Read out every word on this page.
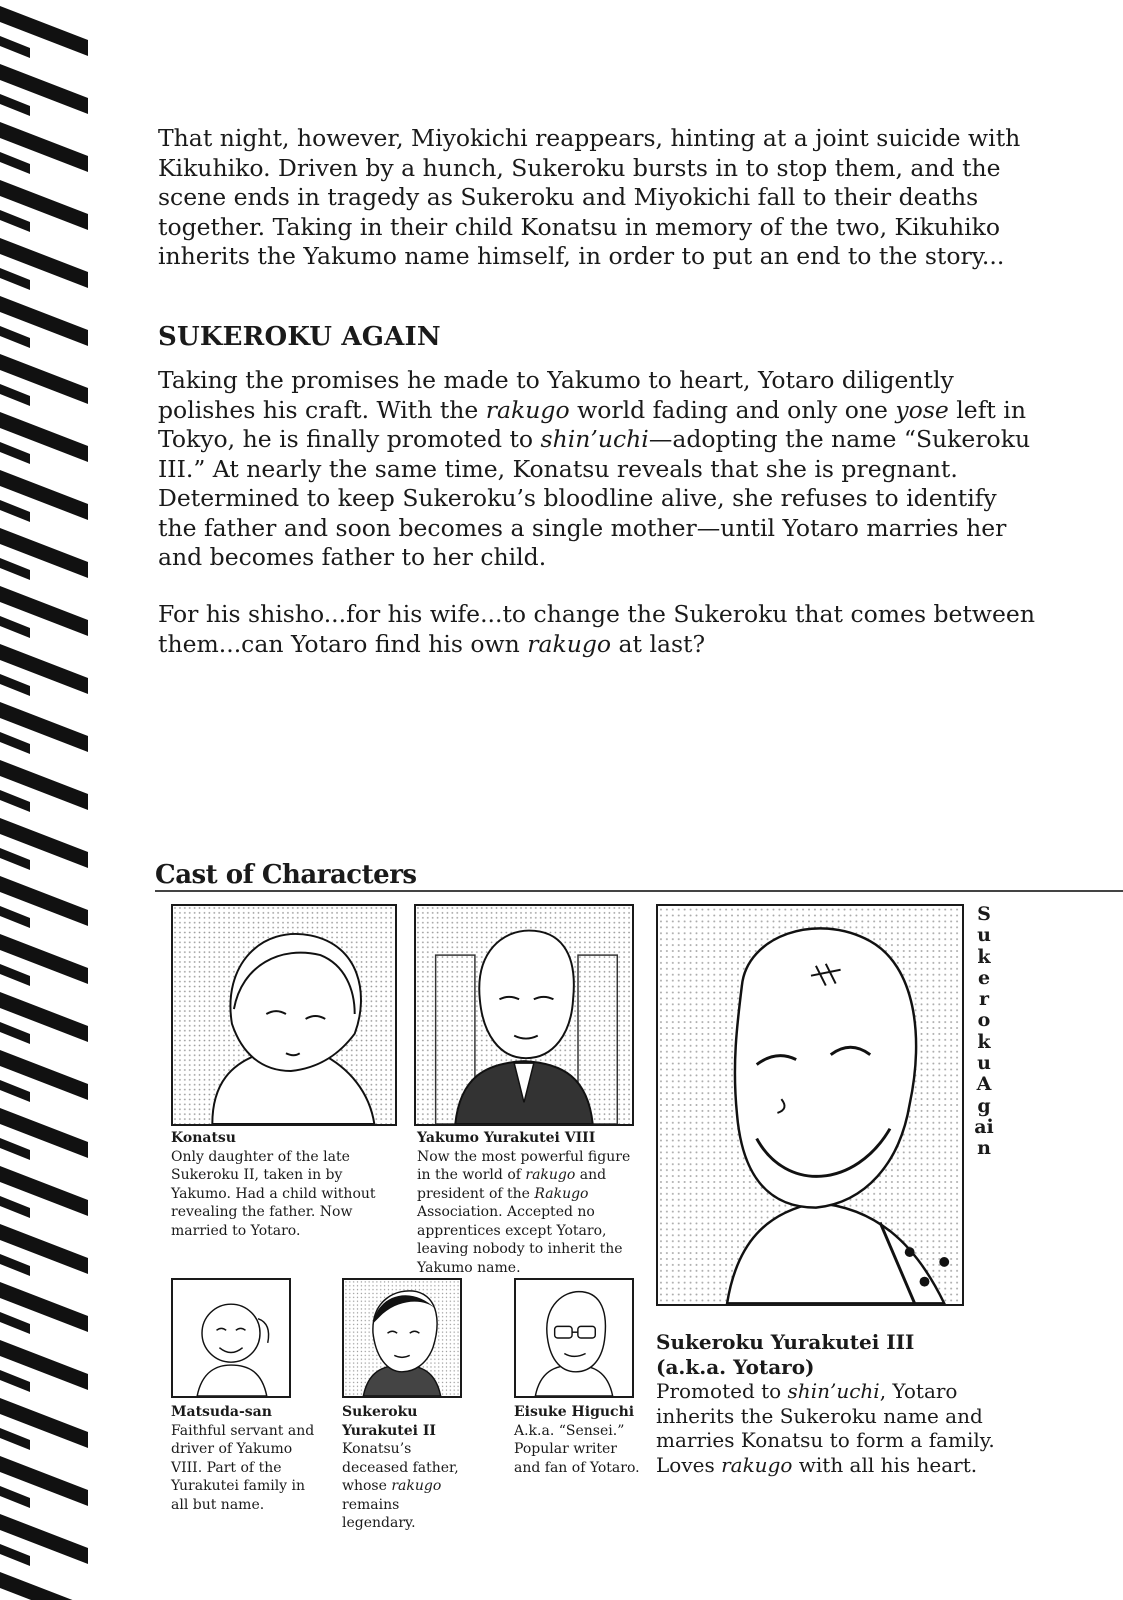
That night, however, Miyokichi reappears, hinting at a joint suicide with Kikuhiko. Driven by a hunch, Sukeroku bursts in to stop them, and the scene ends in tragedy as Sukeroku and Miyokichi fall to their deaths together. Taking in their child Konatsu in memory of the two, Kikuhiko inherits the Yakumo name himself, in order to put an end to the story...

SUKEROKU AGAIN

Taking the promises he made to Yakumo to heart, Yotaro diligently polishes his craft. With the rakugo world fading and only one yose left in Tokyo, he is finally promoted to shin’uchi—adopting the name “Sukeroku III.” At nearly the same time, Konatsu reveals that she is pregnant. Determined to keep Sukeroku’s bloodline alive, she refuses to identify the father and soon becomes a single mother—until Yotaro marries her and becomes father to her child.

For his shisho...for his wife...to change the Sukeroku that comes between them...can Yotaro find his own rakugo at last?

Cast of Characters

Konatsu
Only daughter of the late Sukeroku II, taken in by Yakumo. Had a child without revealing the father. Now married to Yotaro.

Yakumo Yurakutei VIII
Now the most powerful figure in the world of rakugo and president of the Rakugo Association. Accepted no apprentices except Yotaro, leaving nobody to inherit the Yakumo name.

Sukeroku Again

Sukeroku Yurakutei III
(a.k.a. Yotaro)
Promoted to shin’uchi, Yotaro inherits the Sukeroku name and marries Konatsu to form a family. Loves rakugo with all his heart.

Matsuda-san
Faithful servant and driver of Yakumo VIII. Part of the Yurakutei family in all but name.

Sukeroku Yurakutei II
Konatsu’s deceased father, whose rakugo remains legendary.

Eisuke Higuchi
A.k.a. “Sensei.” Popular writer and fan of Yotaro.
